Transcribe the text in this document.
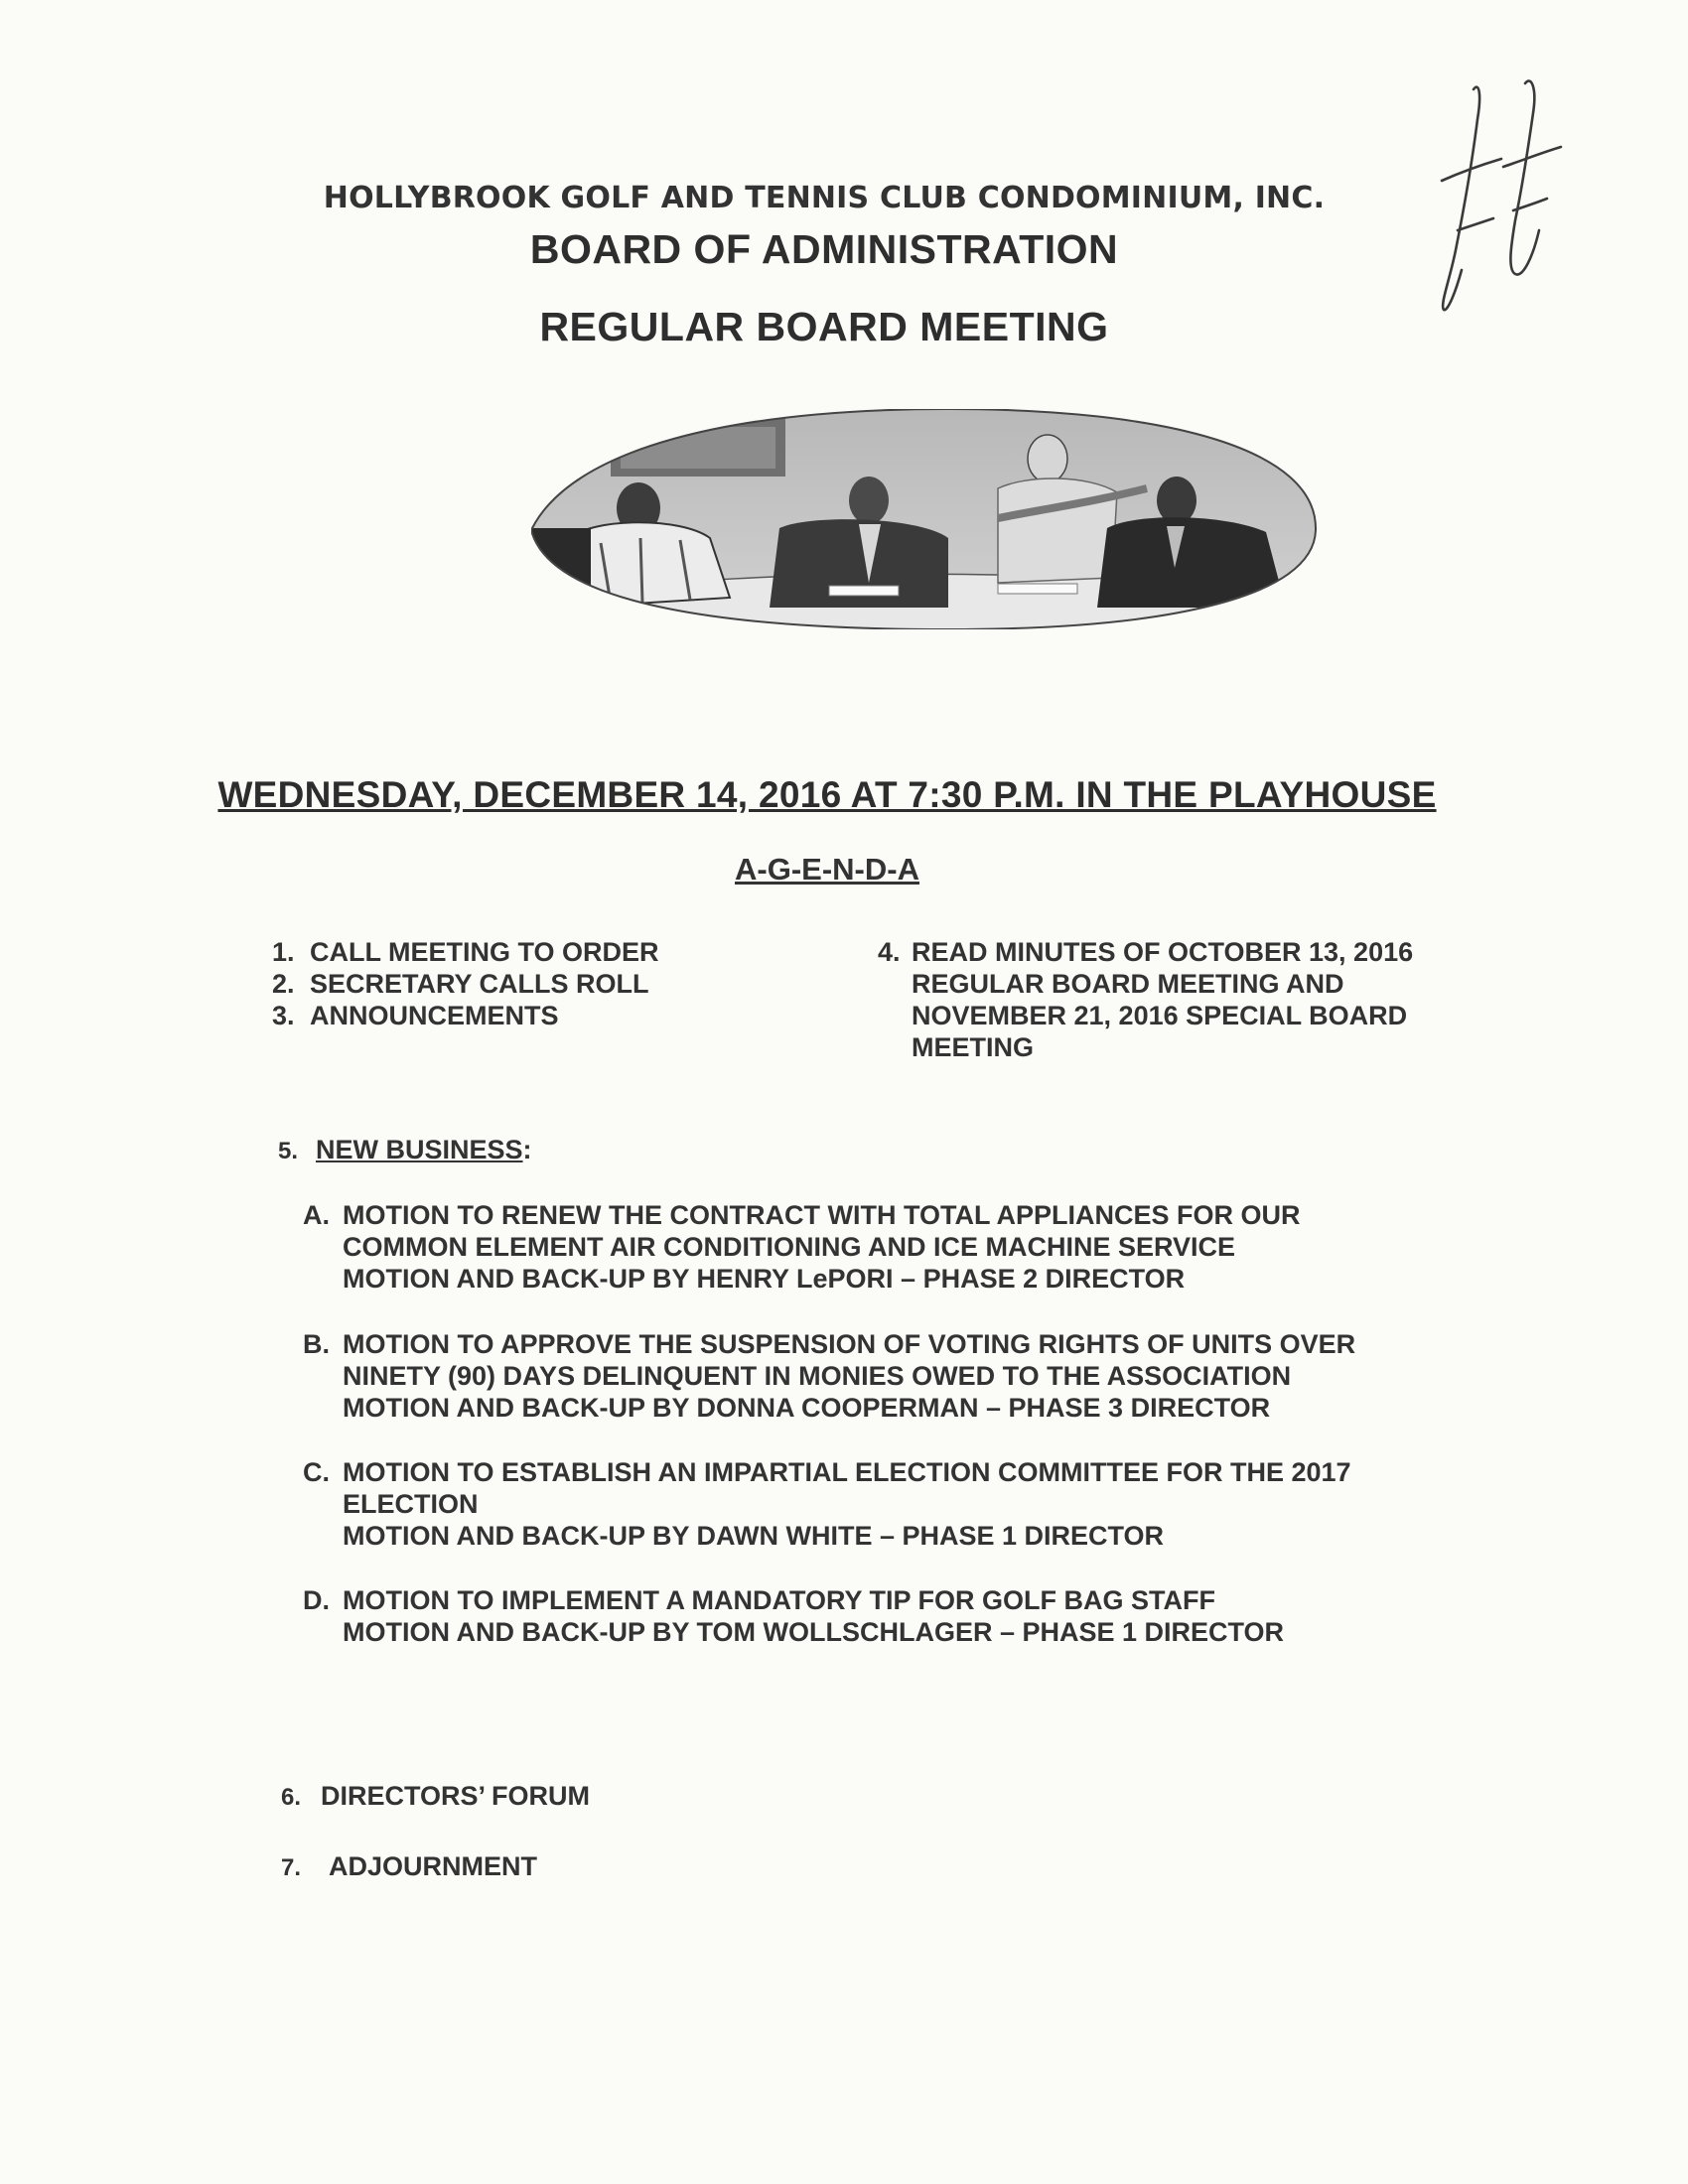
HOLLYBROOK GOLF AND TENNIS CLUB CONDOMINIUM, INC.
BOARD OF ADMINISTRATION
REGULAR BOARD MEETING
WEDNESDAY, DECEMBER 14, 2016 AT 7:30 P.M. IN THE PLAYHOUSE
A-G-E-N-D-A
1. CALL MEETING TO ORDER
2. SECRETARY CALLS ROLL
3. ANNOUNCEMENTS
4. READ MINUTES OF OCTOBER 13, 2016
REGULAR BOARD MEETING AND
NOVEMBER 21, 2016 SPECIAL BOARD
MEETING
5. NEW BUSINESS:
A. MOTION TO RENEW THE CONTRACT WITH TOTAL APPLIANCES FOR OUR
COMMON ELEMENT AIR CONDITIONING AND ICE MACHINE SERVICE
MOTION AND BACK-UP BY HENRY LePORI – PHASE 2 DIRECTOR
B. MOTION TO APPROVE THE SUSPENSION OF VOTING RIGHTS OF UNITS OVER
NINETY (90) DAYS DELINQUENT IN MONIES OWED TO THE ASSOCIATION
MOTION AND BACK-UP BY DONNA COOPERMAN – PHASE 3 DIRECTOR
C. MOTION TO ESTABLISH AN IMPARTIAL ELECTION COMMITTEE FOR THE 2017
ELECTION
MOTION AND BACK-UP BY DAWN WHITE – PHASE 1 DIRECTOR
D. MOTION TO IMPLEMENT A MANDATORY TIP FOR GOLF BAG STAFF
MOTION AND BACK-UP BY TOM WOLLSCHLAGER – PHASE 1 DIRECTOR
6. DIRECTORS’ FORUM
7. ADJOURNMENT
